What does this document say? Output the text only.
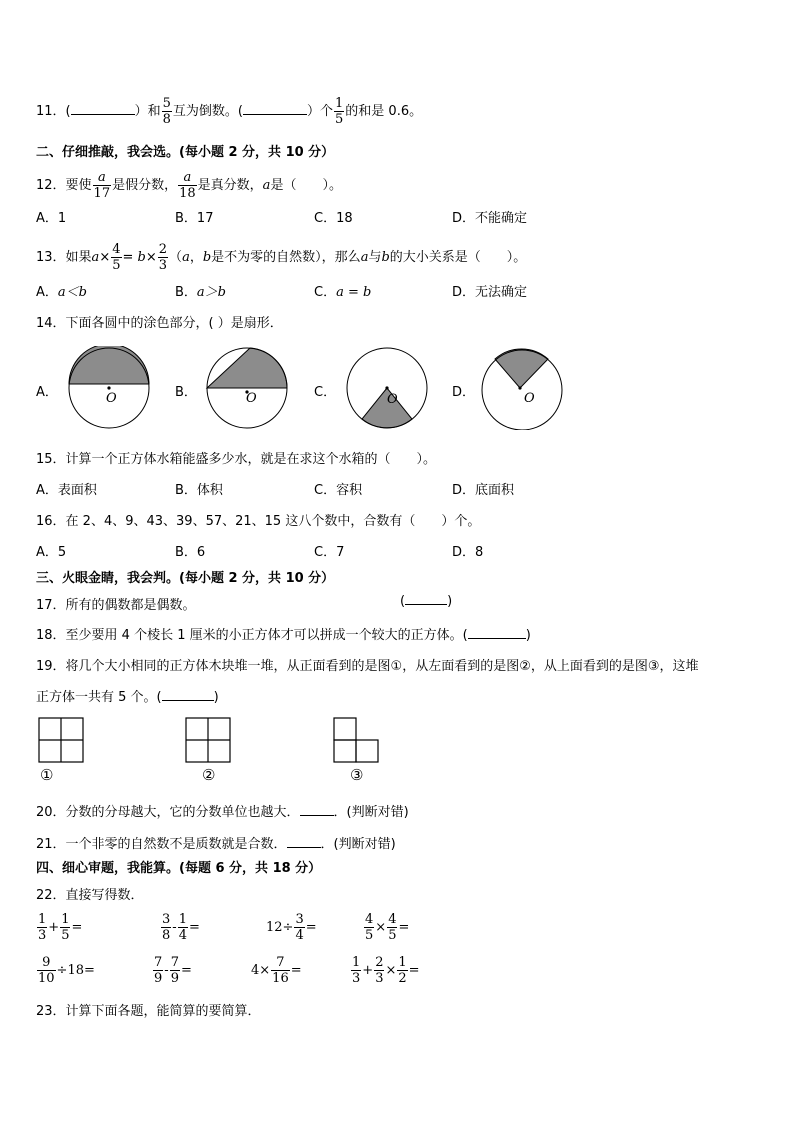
11．(	）和 $\frac{5}{8}$ 互为倒数。(	）个 $\frac{1}{5}$ 的和是 0.6。
二、仔细推敲，我会选。(每小题 2 分，共 10 分）
12．要使 $\frac{a}{17}$ 是假分数， $\frac{a}{18}$ 是真分数，a是（　　）。
A．1	B．17	C．18	D．不能确定
13．如果$a\times \frac{4}{5} = b\times \frac{2}{3} (a$，b是不为零的自然数），那么a与b的大小关系是（　　）。
A．a＜b	B．a＞b	C．a = b	D．无法确定
14．下面各圆中的涂色部分，( ）是扇形．
A．	O	B．	O	C．	O	D．	O
15．计算一个正方体水箱能盛多少水，就是在求这个水箱的（　　）。
A．表面积	B．体积	C．容积	D．底面积
16．在 2、4、9、43、39、57、21、15 这八个数中，合数有（　　）个。
A．5	B．6	C．7	D．8
三、火眼金睛，我会判。(每小题 2 分，共 10 分）
17．所有的偶数都是偶数。	(	)
18．至少要用 4 个棱长 1 厘米的小正方体才可以拼成一个较大的正方体。(	)
19．将几个大小相同的正方体木块堆一堆，从正面看到的是图①，从左面看到的是图②，从上面看到的是图③，这堆
正方体一共有 5 个。(	)
①	②	③
20．分数的分母越大，它的分数单位也越大．	．(判断对错)
21．一个非零的自然数不是质数就是合数．	．(判断对错)
四、细心审题，我能算。(每题 6 分，共 18 分）
22．直接写得数．
$\frac{1}{3} + \frac{1}{5}$ =	$\frac{3}{8} - \frac{1}{4}$ =	$12\div \frac{3}{4}$ =	$\frac{4}{5} \times \frac{4}{5}$ =
$\frac{9}{10} \div 18=$	$\frac{7}{9} - \frac{7}{9}$ =	$4\times \frac{7}{16}$ =	$\frac{1}{3} + \frac{2}{3} \times \frac{1}{2}$ =
23．计算下面各题，能简算的要简算．
